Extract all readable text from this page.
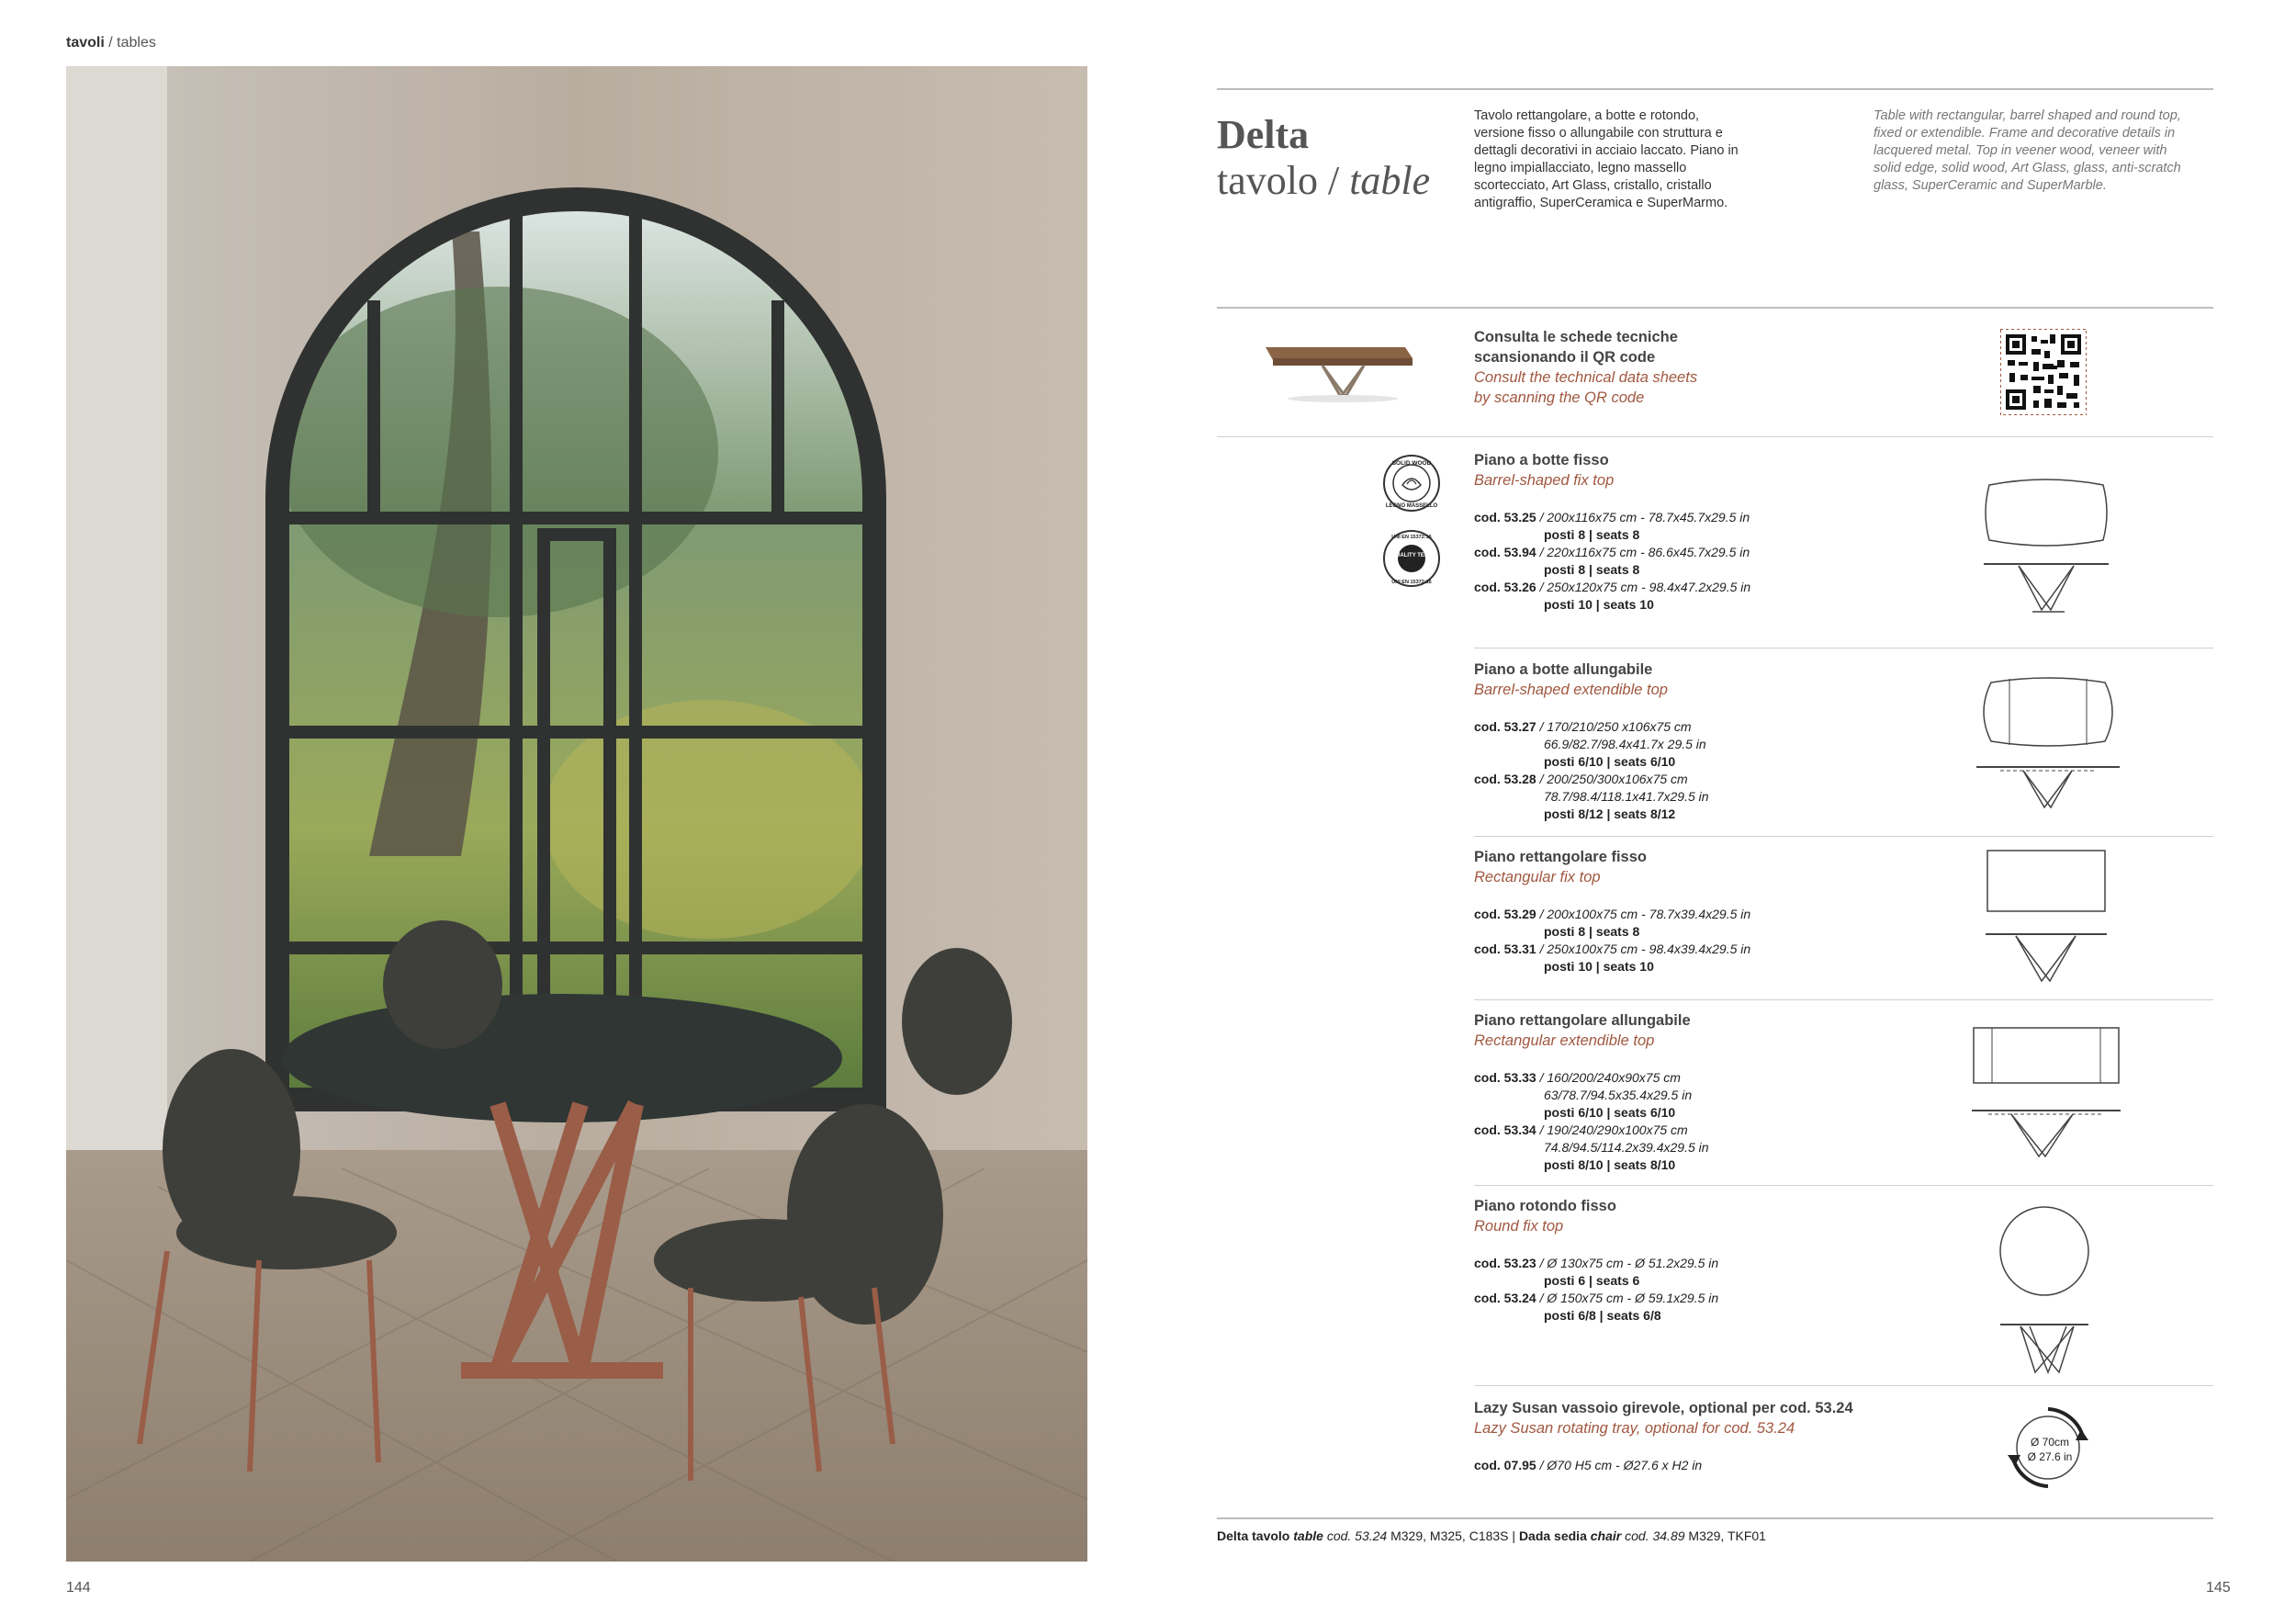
tavoli / tables
144
Delta
tavolo / table
Tavolo rettangolare, a botte e rotondo, versione fisso o allungabile con struttura e dettagli decorativi in acciaio laccato. Piano in legno impiallacciato, legno massello scortecciato, Art Glass, cristallo, cristallo antigraffio, SuperCeramica e SuperMarmo.
Table with rectangular, barrel shaped and round top, fixed or extendible. Frame and decorative details in lacquered metal. Top in veener wood, veneer with solid edge, solid wood, Art Glass, glass, anti-scratch glass, SuperCeramic and SuperMarble.
Consulta le schede tecniche
scansionando il QR code
Consult the technical data sheets
by scanning the QR code
SOLID WOOD
LEGNO MASSELLO
QUALITY TEST
UNI EN 15372:16
UNI EN 15372:16
Piano a botte fisso
Barrel-shaped fix top
cod. 53.25 / 200x116x75 cm - 78.7x45.7x29.5 in
posti 8 | seats 8
cod. 53.94 / 220x116x75 cm - 86.6x45.7x29.5 in
posti 8 | seats 8
cod. 53.26 / 250x120x75 cm - 98.4x47.2x29.5 in
posti 10 | seats 10
Piano a botte allungabile
Barrel-shaped extendible top
cod. 53.27 / 170/210/250 x106x75 cm
66.9/82.7/98.4x41.7x 29.5 in
posti 6/10 | seats 6/10
cod. 53.28 / 200/250/300x106x75 cm
78.7/98.4/118.1x41.7x29.5 in
posti 8/12 | seats 8/12
Piano rettangolare fisso
Rectangular fix top
cod. 53.29 / 200x100x75 cm - 78.7x39.4x29.5 in
posti 8 | seats 8
cod. 53.31 / 250x100x75 cm - 98.4x39.4x29.5 in
posti 10 | seats 10
Piano rettangolare allungabile
Rectangular extendible top
cod. 53.33 / 160/200/240x90x75 cm
63/78.7/94.5x35.4x29.5 in
posti 6/10 | seats 6/10
cod. 53.34 / 190/240/290x100x75 cm
74.8/94.5/114.2x39.4x29.5 in
posti 8/10 | seats 8/10
Piano rotondo fisso
Round fix top
cod. 53.23 / Ø 130x75 cm - Ø 51.2x29.5 in
posti 6 | seats 6
cod. 53.24 / Ø 150x75 cm - Ø 59.1x29.5 in
posti 6/8 | seats 6/8
Lazy Susan vassoio girevole, optional per cod. 53.24
Lazy Susan rotating tray, optional for cod. 53.24
cod. 07.95 / Ø70 H5 cm - Ø27.6 x H2 in
Ø 70cm
Ø 27.6 in
Delta tavolo table cod. 53.24 M329, M325, C183S | Dada sedia chair cod. 34.89 M329, TKF01
145
